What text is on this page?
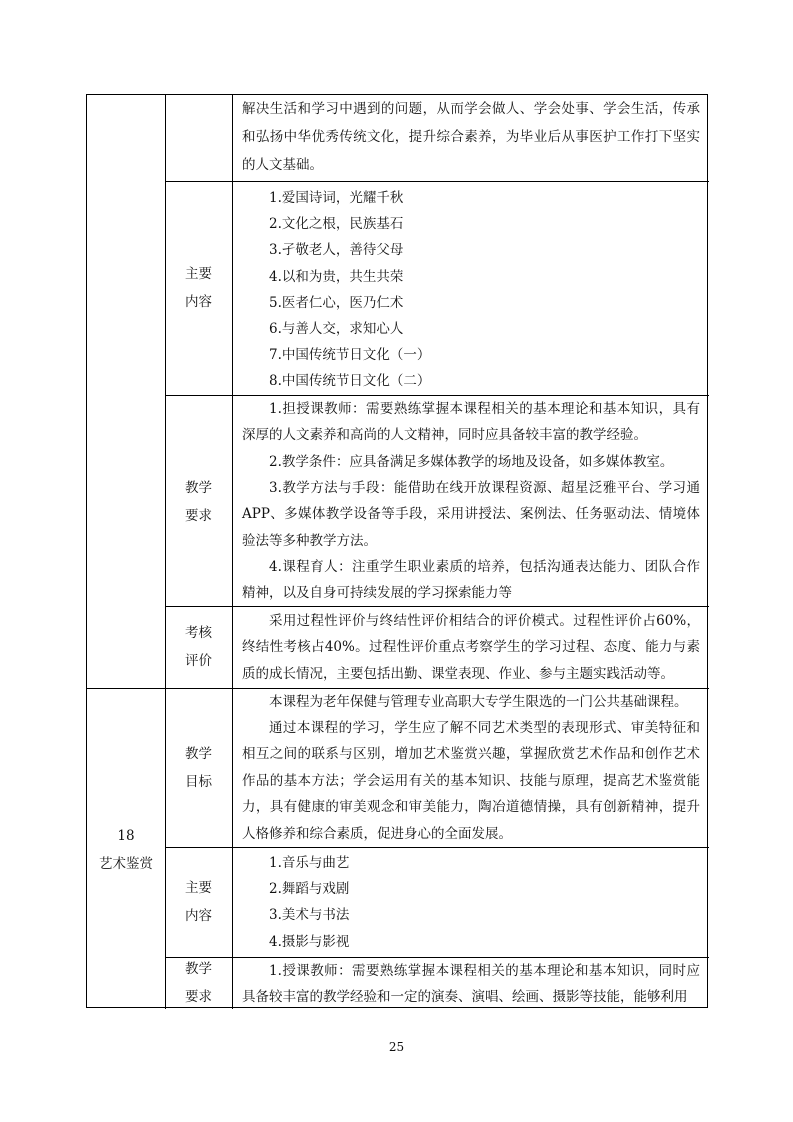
解决生活和学习中遇到的问题，从而学会做人、学会处事、学会生活，传承和弘扬中华优秀传统文化，提升综合素养，为毕业后从事医护工作打下坚实的人文基础。
主要
内容
1.爱国诗词，光耀千秋
2.文化之根，民族基石
3.孑敬老人，善待父母
4.以和为贵，共生共荣
5.医者仁心，医乃仁术
6.与善人交，求知心人
7.中国传统节日文化（一）
8.中国传统节日文化（二）
教学
要求
1.担授课教师：需要熟练掌握本课程相关的基本理论和基本知识，具有深厚的人文素养和高尚的人文精神，同时应具备较丰富的教学经验。
2.教学条件：应具备满足多媒体教学的场地及设备，如多媒体教室。
3.教学方法与手段：能借助在线开放课程资源、超星泛雅平台、学习通APP、多媒体教学设备等手段，采用讲授法、案例法、任务驱动法、情境体验法等多种教学方法。
4.课程育人：注重学生职业素质的培养，包括沟通表达能力、团队合作精神，以及自身可持续发展的学习探索能力等
考核
评价
采用过程性评价与终结性评价相结合的评价模式。过程性评价占60%，终结性考核占40%。过程性评价重点考察学生的学习过程、态度、能力与素质的成长情况，主要包括出勤、课堂表现、作业、参与主题实践活动等。
18
艺术鉴赏
教学
目标
本课程为老年保健与管理专业高职大专学生限选的一门公共基础课程。
通过本课程的学习，学生应了解不同艺术类型的表现形式、审美特征和相互之间的联系与区别，增加艺术鉴赏兴趣，掌握欣赏艺术作品和创作艺术作品的基本方法；学会运用有关的基本知识、技能与原理，提高艺术鉴赏能力，具有健康的审美观念和审美能力，陶冶道德情操，具有创新精神，提升人格修养和综合素质，促进身心的全面发展。
主要
内容
1.音乐与曲艺
2.舞蹈与戏剧
3.美术与书法
4.摄影与影视
教学
要求
1.授课教师：需要熟练掌握本课程相关的基本理论和基本知识，同时应具备较丰富的教学经验和一定的演奏、演唱、绘画、摄影等技能，能够利用
25
